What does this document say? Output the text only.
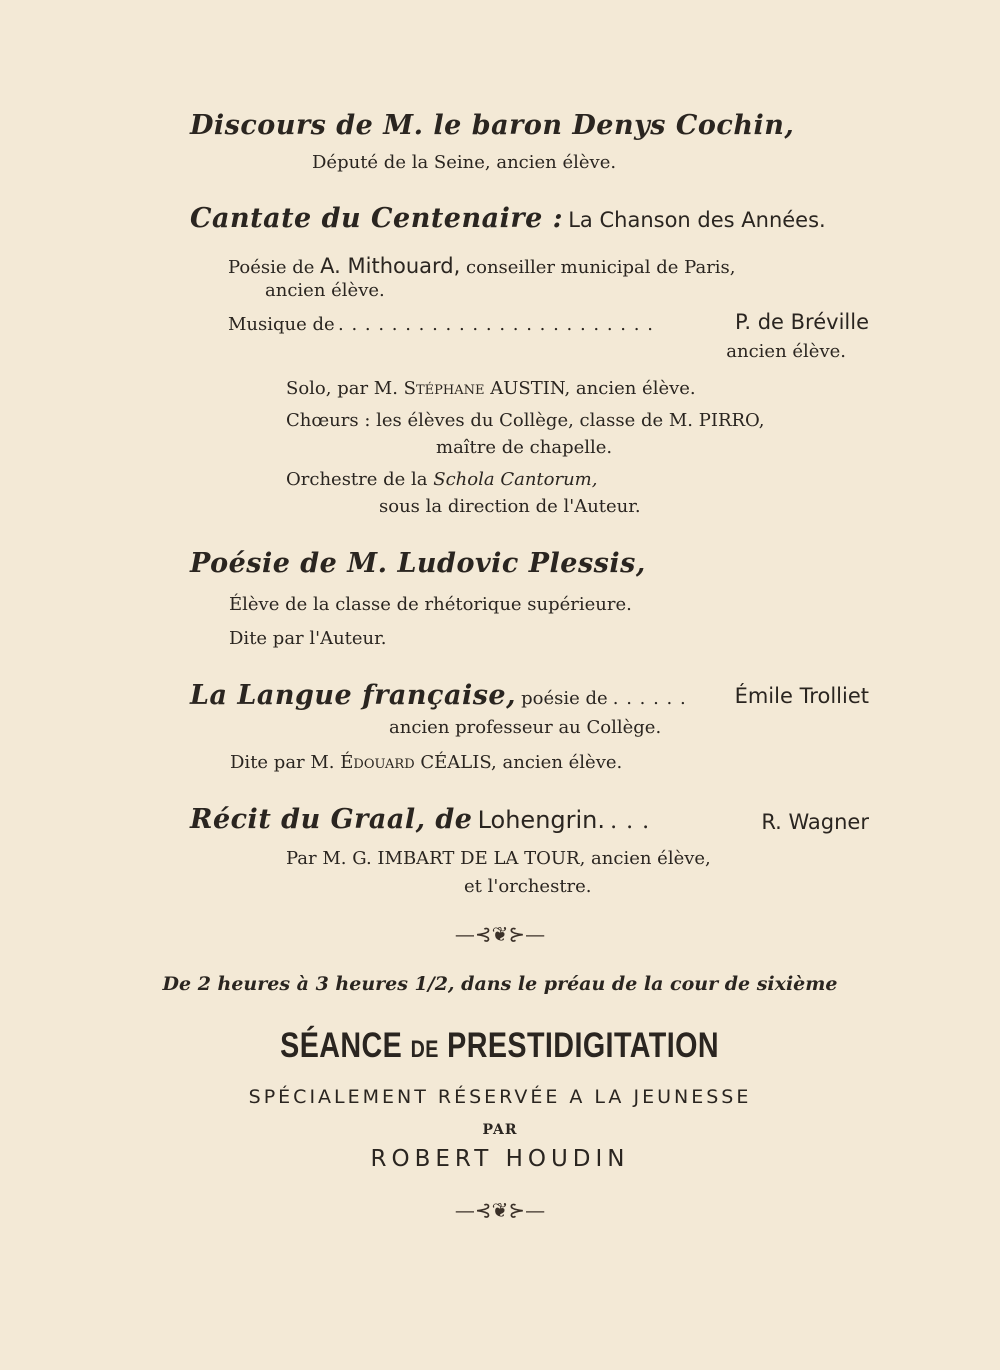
Discours de M. le baron Denys Cochin,
Député de la Seine, ancien élève.
Cantate du Centenaire : La Chanson des Années.
Poésie de A. Mithouard, conseiller municipal de Paris,
ancien élève.
Musique de . . . . . . . . . . . . . . . . . . . . . . . .	P. de Bréville
ancien élève.
Solo, par M. Stéphane AUSTIN, ancien élève.
Chœurs : les élèves du Collège, classe de M. PIRRO,
maître de chapelle.
Orchestre de la Schola Cantorum,
sous la direction de l'Auteur.
Poésie de M. Ludovic Plessis,
Élève de la classe de rhétorique supérieure.
Dite par l'Auteur.
La Langue française, poésie de . . . . . . Émile Trolliet
ancien professeur au Collège.
Dite par M. Édouard CÉALIS, ancien élève.
Récit du Graal, de Lohengrin. . . .	R. Wagner
Par M. G. IMBART DE LA TOUR, ancien élève,
et l'orchestre.
—⊰❦⊱—
De 2 heures à 3 heures 1/2, dans le préau de la cour de sixième
SÉANCE DE PRESTIDIGITATION
SPÉCIALEMENT RÉSERVÉE A LA JEUNESSE
PAR
ROBERT HOUDIN
—⊰❦⊱—
